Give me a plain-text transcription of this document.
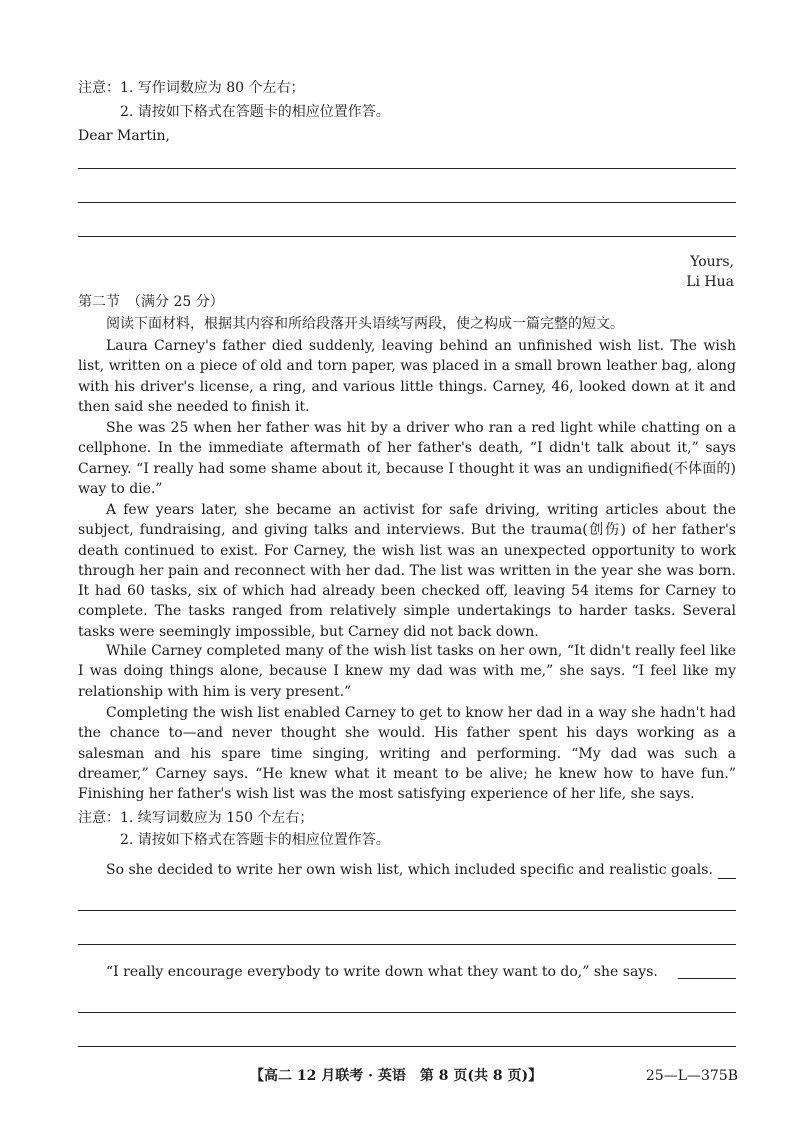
注意：1. 写作词数应为 80 个左右；
2. 请按如下格式在答题卡的相应位置作答。
Dear Martin,
Yours,
Li Hua
第二节　（满分 25 分）
阅读下面材料，根据其内容和所给段落开头语续写两段，使之构成一篇完整的短文。

Laura Carney's father died suddenly, leaving behind an unfinished wish list. The wish list, written on a piece of old and torn paper, was placed in a small brown leather bag, along with his driver's license, a ring, and various little things. Carney, 46, looked down at it and then said she needed to finish it.

She was 25 when her father was hit by a driver who ran a red light while chatting on a cellphone. In the immediate aftermath of her father's death, “I didn't talk about it,” says Carney. “I really had some shame about it, because I thought it was an undignified(不体面的) way to die.”

A few years later, she became an activist for safe driving, writing articles about the subject, fundraising, and giving talks and interviews. But the trauma(创伤) of her father's death continued to exist. For Carney, the wish list was an unexpected opportunity to work through her pain and reconnect with her dad. The list was written in the year she was born. It had 60 tasks, six of which had already been checked off, leaving 54 items for Carney to complete. The tasks ranged from relatively simple undertakings to harder tasks. Several tasks were seemingly impossible, but Carney did not back down.

While Carney completed many of the wish list tasks on her own, “It didn't really feel like I was doing things alone, because I knew my dad was with me,” she says. “I feel like my relationship with him is very present.”

Completing the wish list enabled Carney to get to know her dad in a way she hadn't had the chance to—and never thought she would. His father spent his days working as a salesman and his spare time singing, writing and performing. “My dad was such a dreamer,” Carney says. “He knew what it meant to be alive; he knew how to have fun.” Finishing her father's wish list was the most satisfying experience of her life, she says.

注意：1. 续写词数应为 150 个左右；
2. 请按如下格式在答题卡的相应位置作答。
So she decided to write her own wish list, which included specific and realistic goals.
“I really encourage everybody to write down what they want to do,” she says.
【高二 12 月联考 · 英语　第 8 页(共 8 页)】	25—L—375B
